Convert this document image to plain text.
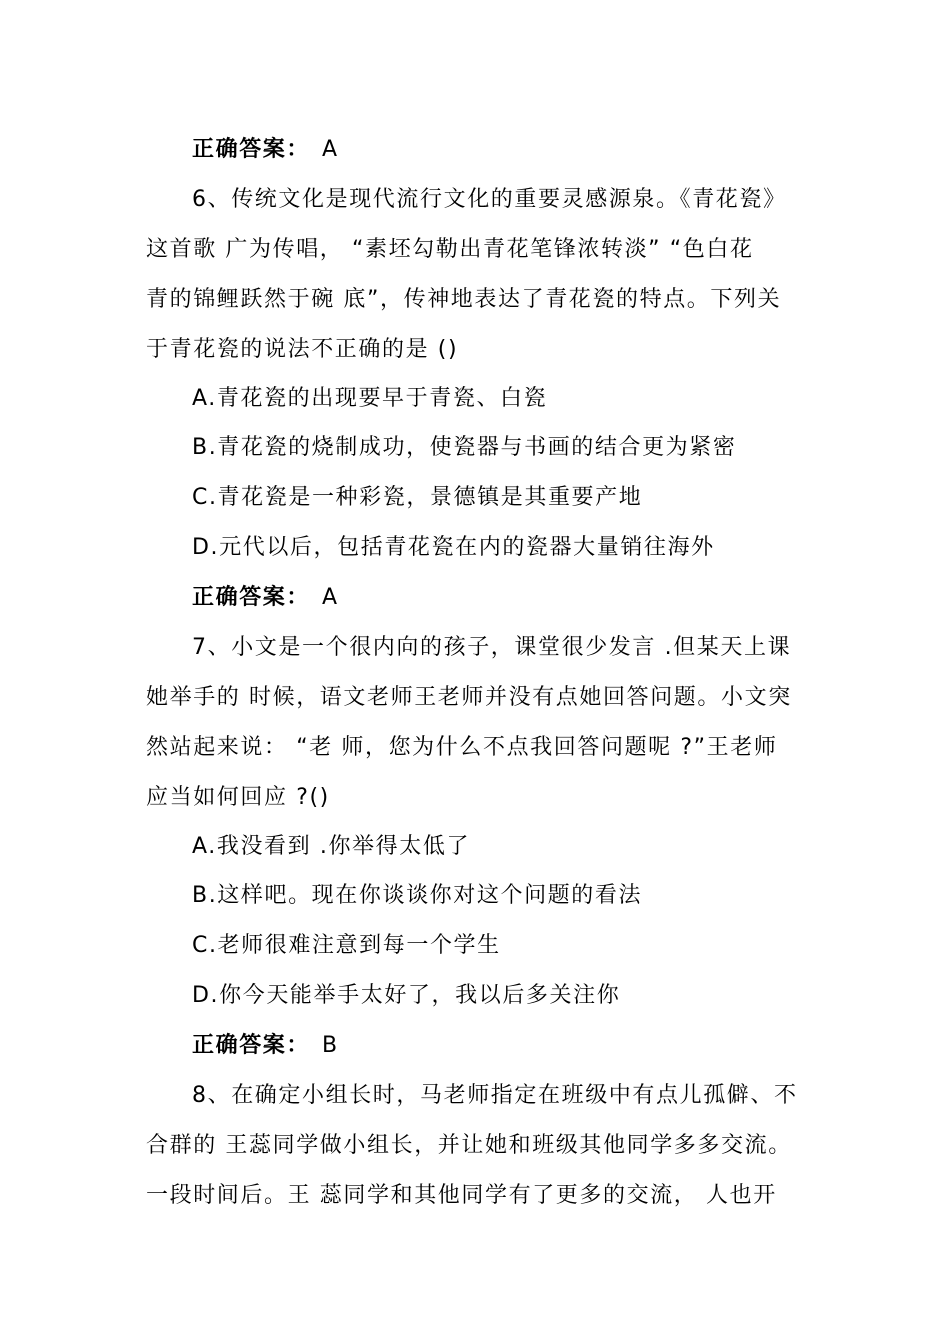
正确答案： A
6、传统文化是现代流行文化的重要灵感源泉。《青花瓷》
这首歌 广为传唱， “素坯勾勒出青花笔锋浓转淡” “色白花
青的锦鲤跃然于碗 底”，传神地表达了青花瓷的特点。下列关
于青花瓷的说法不正确的是 ()
A.青花瓷的出现要早于青瓷、白瓷
B.青花瓷的烧制成功，使瓷器与书画的结合更为紧密
C.青花瓷是一种彩瓷，景德镇是其重要产地
D.元代以后，包括青花瓷在内的瓷器大量销往海外
正确答案： A
7、小文是一个很内向的孩子，课堂很少发言 .但某天上课
她举手的 时候，语文老师王老师并没有点她回答问题。小文突
然站起来说： “老 师，您为什么不点我回答问题呢 ?”王老师
应当如何回应 ?()
A.我没看到 .你举得太低了
B.这样吧。现在你谈谈你对这个问题的看法
C.老师很难注意到每一个学生
D.你今天能举手太好了，我以后多关注你
正确答案： B
8、在确定小组长时，马老师指定在班级中有点儿孤僻、不
合群的 王蕊同学做小组长，并让她和班级其他同学多多交流。
一段时间后。王 蕊同学和其他同学有了更多的交流， 人也开
